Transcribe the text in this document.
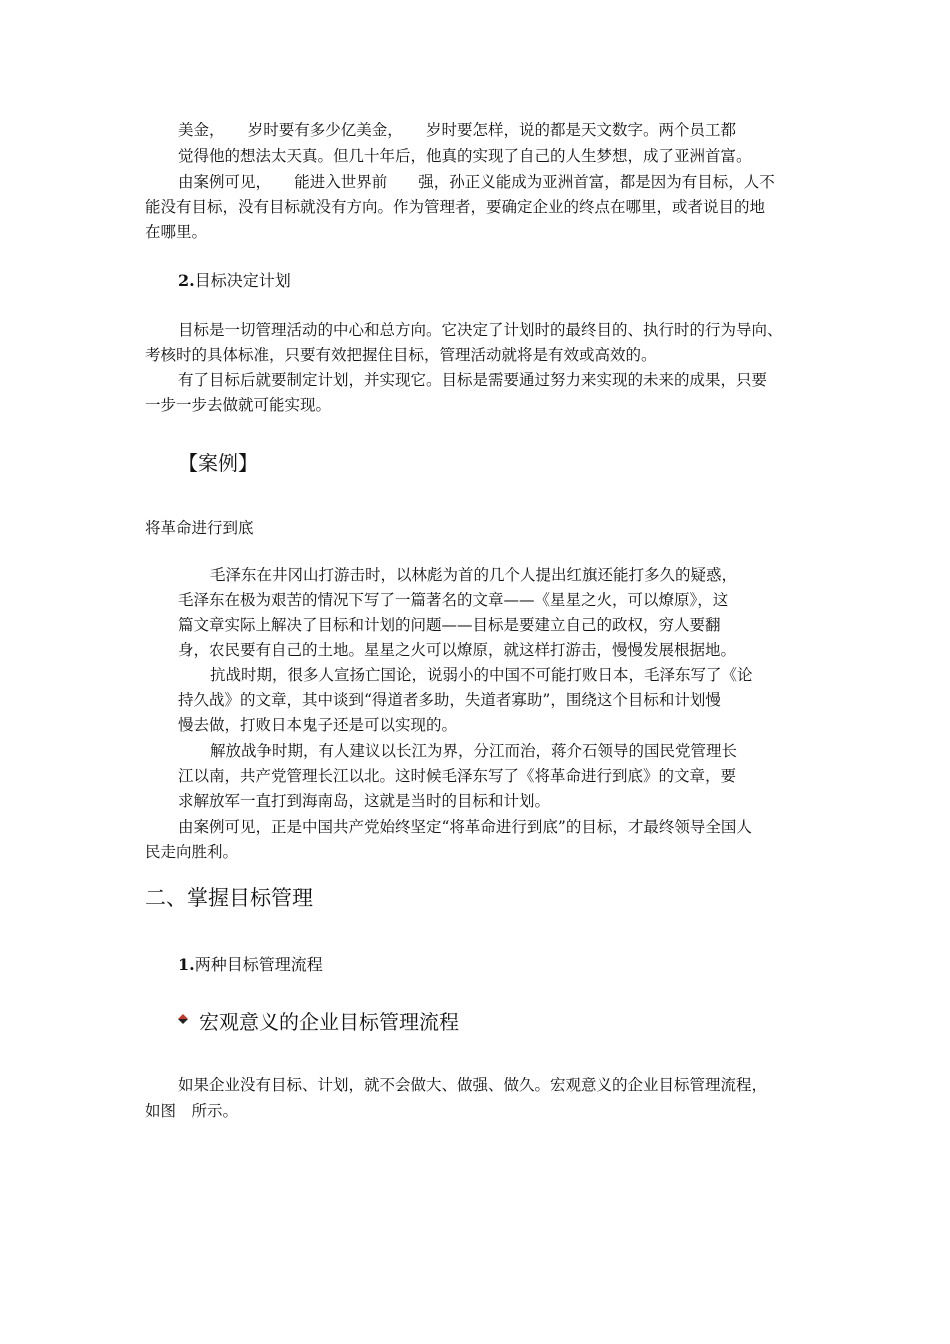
美金，　　岁时要有多少亿美金，　　岁时要怎样，说的都是天文数字。两个员工都
觉得他的想法太天真。但几十年后，他真的实现了自己的人生梦想，成了亚洲首富。
由案例可见，　　能进入世界前　　强，孙正义能成为亚洲首富，都是因为有目标，人不
能没有目标，没有目标就没有方向。作为管理者，要确定企业的终点在哪里，或者说目的地
在哪里。
2.目标决定计划
目标是一切管理活动的中心和总方向。它决定了计划时的最终目的、执行时的行为导向、
考核时的具体标准，只要有效把握住目标，管理活动就将是有效或高效的。
有了目标后就要制定计划，并实现它。目标是需要通过努力来实现的未来的成果，只要
一步一步去做就可能实现。
【案例】
将革命进行到底
毛泽东在井冈山打游击时，以林彪为首的几个人提出红旗还能打多久的疑惑，
毛泽东在极为艰苦的情况下写了一篇著名的文章——《星星之火，可以燎原》，这
篇文章实际上解决了目标和计划的问题——目标是要建立自己的政权，穷人要翻
身，农民要有自己的土地。星星之火可以燎原，就这样打游击，慢慢发展根据地。
抗战时期，很多人宣扬亡国论，说弱小的中国不可能打败日本，毛泽东写了《论
持久战》的文章，其中谈到“得道者多助，失道者寡助”，围绕这个目标和计划慢
慢去做，打败日本鬼子还是可以实现的。
解放战争时期，有人建议以长江为界，分江而治，蒋介石领导的国民党管理长
江以南，共产党管理长江以北。这时候毛泽东写了《将革命进行到底》的文章，要
求解放军一直打到海南岛，这就是当时的目标和计划。
由案例可见，正是中国共产党始终坚定“将革命进行到底”的目标，才最终领导全国人
民走向胜利。
二、掌握目标管理
1.两种目标管理流程
宏观意义的企业目标管理流程
如果企业没有目标、计划，就不会做大、做强、做久。宏观意义的企业目标管理流程，
如图　所示。
